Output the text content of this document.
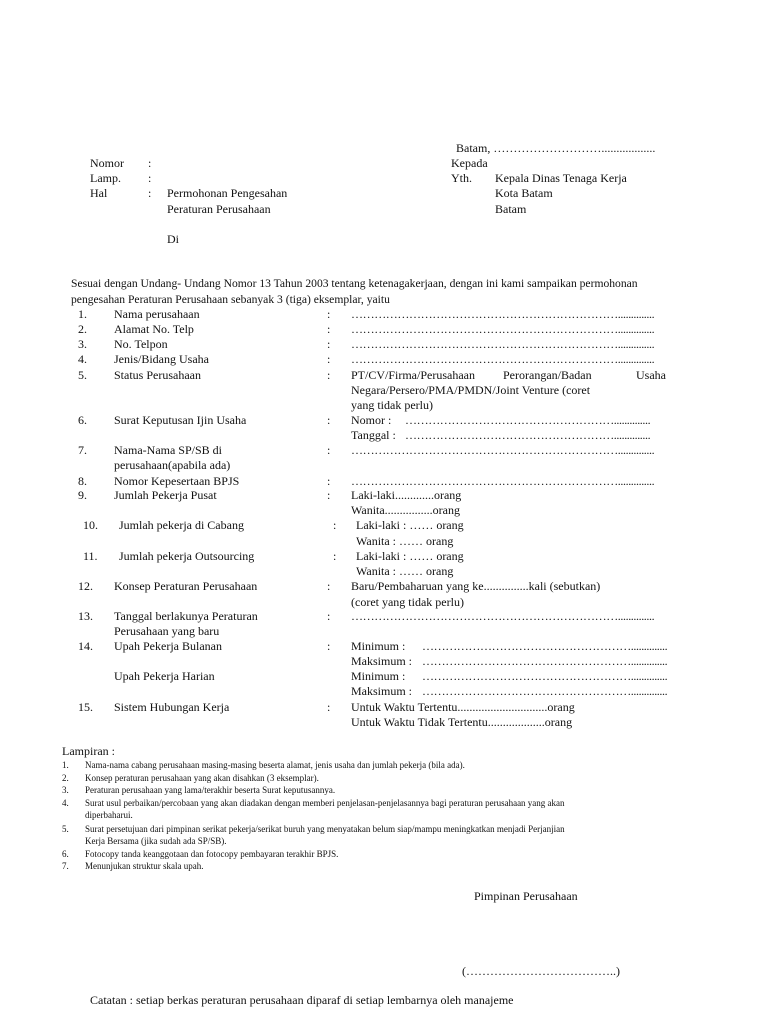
Batam, ………………………..................
Nomor :
Lamp. :
Hal	: Permohonan Pengesahan
Peraturan Perusahaan
Kepada
Yth. Kepala Dinas Tenaga Kerja
Kota Batam
Batam
Di
Sesuai dengan Undang- Undang Nomor 13 Tahun 2003 tentang ketenagakerjaan, dengan ini kami sampaikan permohonan
pengesahan Peraturan Perusahaan sebanyak 3 (tiga) eksemplar, yaitu
1. Nama perusahaan	: ……………………………………………………………..............
2. Alamat No. Telp	: ……………………………………………………………..............
3. No. Telpon	: ……………………………………………………………..............
4. Jenis/Bidang Usaha	: ……………………………………………………………..............
5. Status Perusahaan	: PT/CV/Firma/Perusahaan Perorangan/Badan	Usaha
Negara/Persero/PMA/PMDN/Joint Venture (coret
yang tidak perlu)
6. Surat Keputusan Ijin Usaha	: Nomor : ………………………………………………..............
Tanggal : ………………………………………………..............
7. Nama-Nama SP/SB di
perusahaan(apabila ada)
: ……………………………………………………………..............
8. Nomor Kepesertaan BPJS	: ……………………………………………………………..............
9. Jumlah Pekerja Pusat	: Laki-laki.............orang
Wanita................orang
10. Jumlah pekerja di Cabang	: Laki-laki : …… orang
Wanita : …… orang
11. Jumlah pekerja Outsourcing	: Laki-laki : …… orang
Wanita : …… orang
12. Konsep Peraturan Perusahaan	: Baru/Pembaharuan yang ke...............kali (sebutkan)
(coret yang tidak perlu)
13. Tanggal berlakunya Peraturan
Perusahaan yang baru
: ……………………………………………………………..............
14. Upah Pekerja Bulanan	: Minimum : ………………………………………………..............
Maksimum : ………………………………………………..............
Upah Pekerja Harian	Minimum : ………………………………………………..............
Maksimum : ………………………………………………..............
15. Sistem Hubungan Kerja	: Untuk Waktu Tertentu..............................orang
Untuk Waktu Tidak Tertentu...................orang
Lampiran :
1. Nama-nama cabang perusahaan masing-masing beserta alamat, jenis usaha dan jumlah pekerja (bila ada).
2. Konsep peraturan perusahaan yang akan disahkan (3 eksemplar).
3. Peraturan perusahaan yang lama/terakhir beserta Surat keputusannya.
4. Surat usul perbaikan/percobaan yang akan diadakan dengan memberi penjelasan-penjelasannya bagi peraturan perusahaan yang akan
diperbaharui.
5. Surat persetujuan dari pimpinan serikat pekerja/serikat buruh yang menyatakan belum siap/mampu meningkatkan menjadi Perjanjian
Kerja Bersama (jika sudah ada SP/SB).
6. Fotocopy tanda keanggotaan dan fotocopy pembayaran terakhir BPJS.
7. Menunjukan struktur skala upah.
Pimpinan Perusahaan
(………………………………..)
Catatan : setiap berkas peraturan perusahaan diparaf di setiap lembarnya oleh manajeme
